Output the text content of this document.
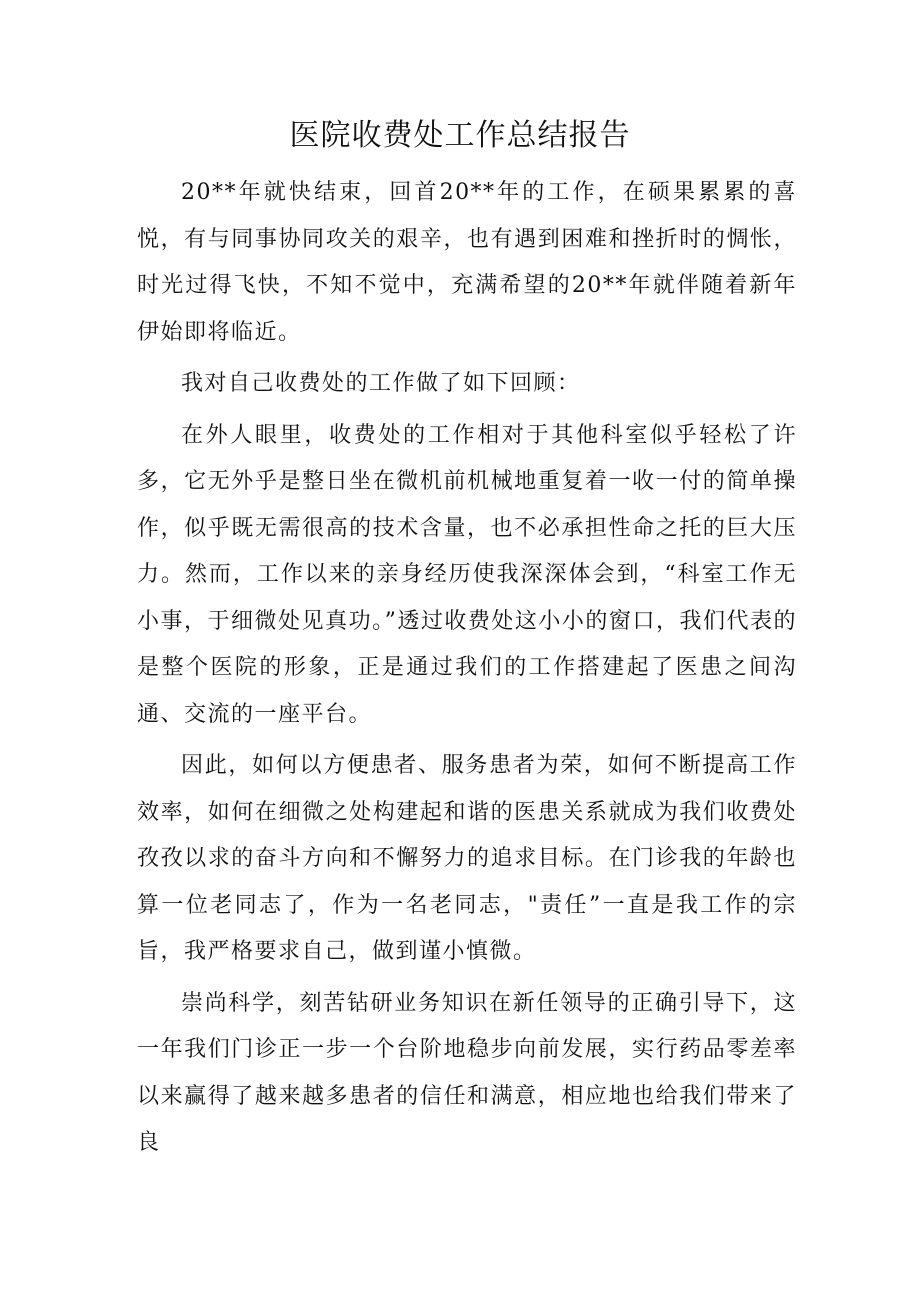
医院收费处工作总结报告

20**年就快结束，回首20**年的工作，在硕果累累的喜悦，有与同事协同攻关的艰辛，也有遇到困难和挫折时的惆怅，时光过得飞快，不知不觉中，充满希望的20**年就伴随着新年伊始即将临近。

我对自己收费处的工作做了如下回顾：

在外人眼里，收费处的工作相对于其他科室似乎轻松了许多，它无外乎是整日坐在微机前机械地重复着一收一付的简单操作，似乎既无需很高的技术含量，也不必承担性命之托的巨大压力。然而，工作以来的亲身经历使我深深体会到，“科室工作无小事，于细微处见真功。”透过收费处这小小的窗口，我们代表的是整个医院的形象，正是通过我们的工作搭建起了医患之间沟通、交流的一座平台。

因此，如何以方便患者、服务患者为荣，如何不断提高工作效率，如何在细微之处构建起和谐的医患关系就成为我们收费处孜孜以求的奋斗方向和不懈努力的追求目标。在门诊我的年龄也算一位老同志了，作为一名老同志，"责任”一直是我工作的宗旨，我严格要求自己，做到谨小慎微。

崇尚科学，刻苦钻研业务知识在新任领导的正确引导下，这一年我们门诊正一步一个台阶地稳步向前发展，实行药品零差率以来赢得了越来越多患者的信任和满意，相应地也给我们带来了良
